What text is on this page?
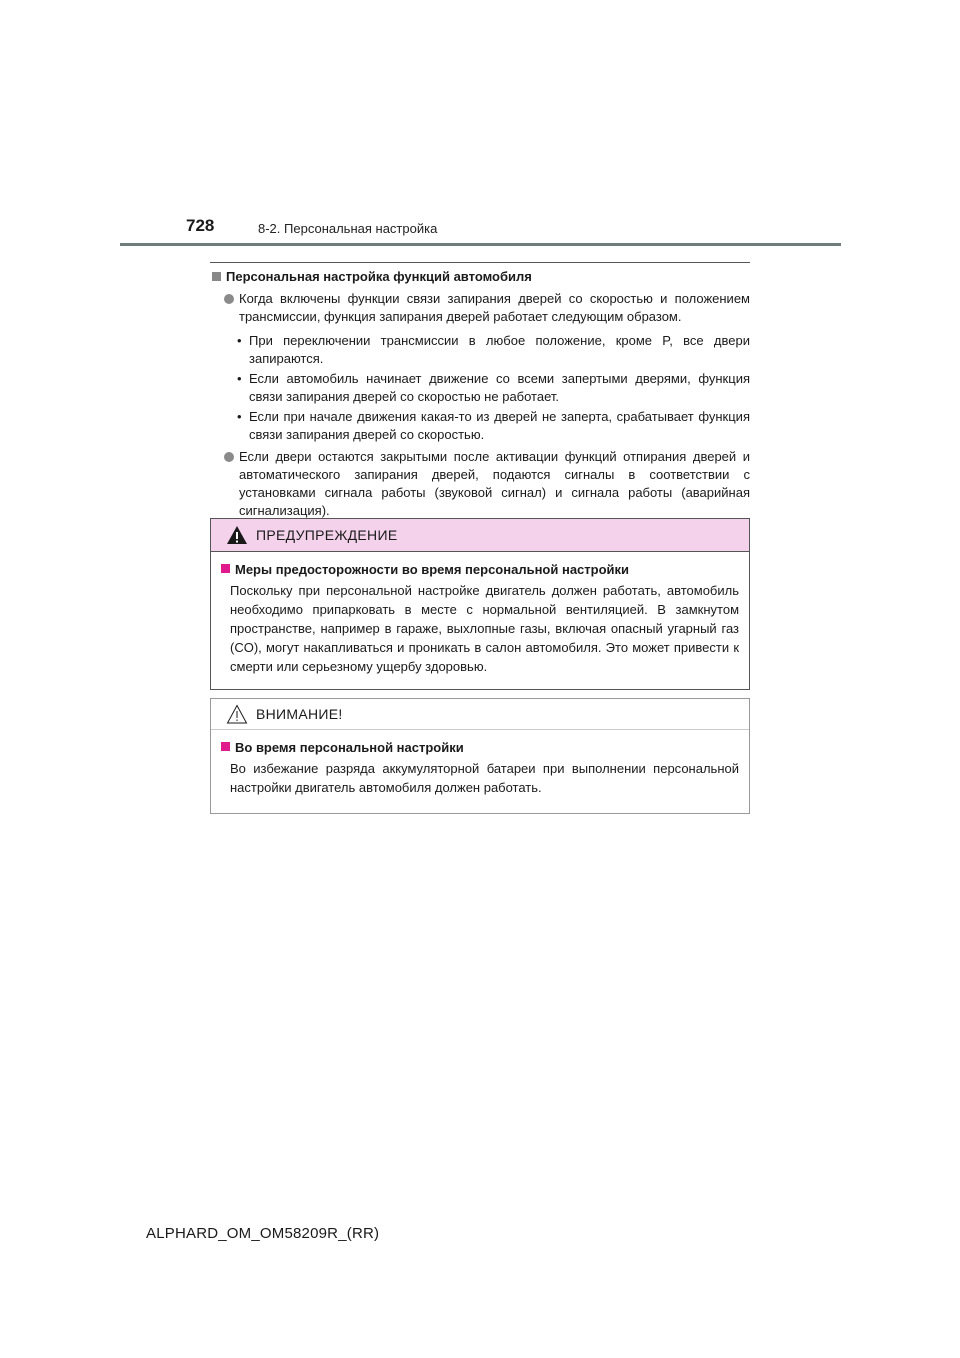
728	8-2. Персональная настройка
Персональная настройка функций автомобиля
Когда включены функции связи запирания дверей со скоростью и положением трансмиссии, функция запирания дверей работает следующим образом.
• При переключении трансмиссии в любое положение, кроме P, все двери запираются.
• Если автомобиль начинает движение со всеми запертыми дверями, функция связи запирания дверей со скоростью не работает.
• Если при начале движения какая-то из дверей не заперта, срабатывает функция связи запирания дверей со скоростью.
Если двери остаются закрытыми после активации функций отпирания дверей и автоматического запирания дверей, подаются сигналы в соответствии с установками сигнала работы (звуковой сигнал) и сигнала работы (аварийная сигнализация).
ПРЕДУПРЕЖДЕНИЕ
Меры предосторожности во время персональной настройки
Поскольку при персональной настройке двигатель должен работать, автомобиль необходимо припарковать в месте с нормальной вентиляцией. В замкнутом пространстве, например в гараже, выхлопные газы, включая опасный угарный газ (CO), могут накапливаться и проникать в салон автомобиля. Это может привести к смерти или серьезному ущербу здоровью.
ВНИМАНИЕ!
Во время персональной настройки
Во избежание разряда аккумуляторной батареи при выполнении персональной настройки двигатель автомобиля должен работать.
ALPHARD_OM_OM58209R_(RR)
